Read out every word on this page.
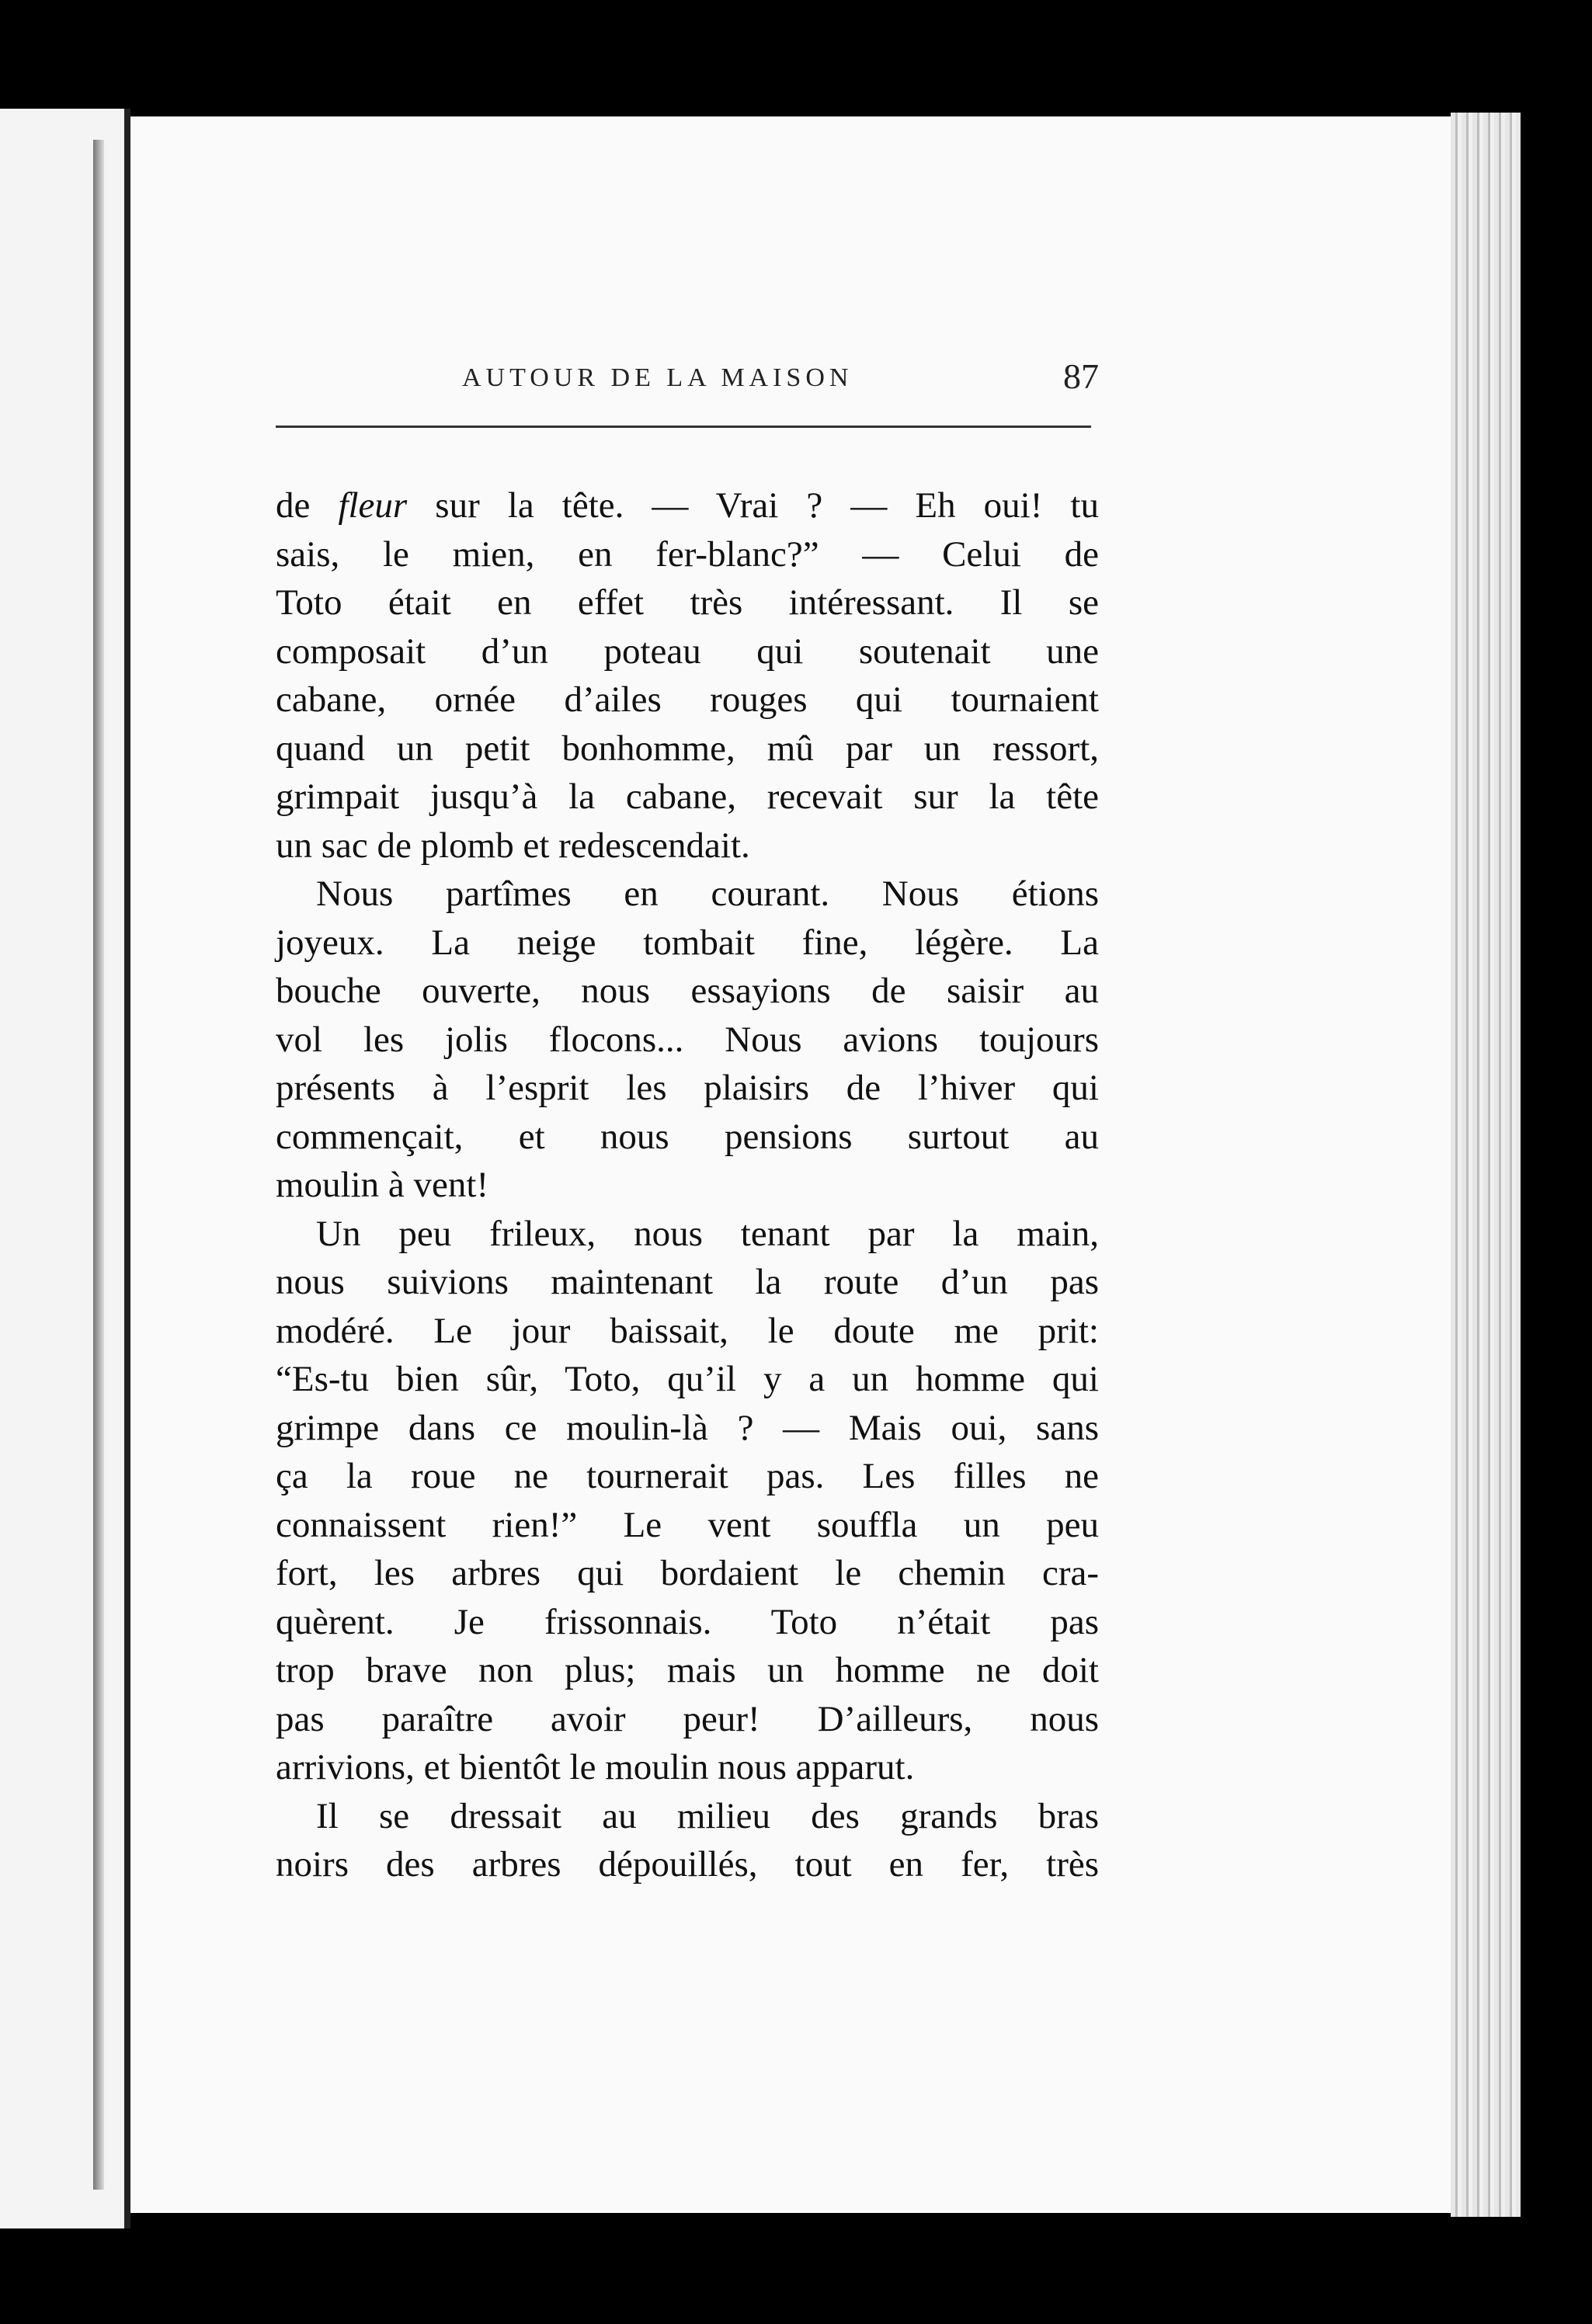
AUTOUR DE LA MAISON	87
de fleur sur la tête. — Vrai ? — Eh oui! tu
sais, le mien, en fer-blanc?” — Celui de
Toto était en effet très intéressant. Il se
composait d’un poteau qui soutenait une
cabane, ornée d’ailes rouges qui tournaient
quand un petit bonhomme, mû par un ressort,
grimpait jusqu’à la cabane, recevait sur la tête
un sac de plomb et redescendait.
Nous partîmes en courant. Nous étions
joyeux. La neige tombait fine, légère. La
bouche ouverte, nous essayions de saisir au
vol les jolis flocons... Nous avions toujours
présents à l’esprit les plaisirs de l’hiver qui
commençait, et nous pensions surtout au
moulin à vent!
Un peu frileux, nous tenant par la main,
nous suivions maintenant la route d’un pas
modéré. Le jour baissait, le doute me prit:
“Es-tu bien sûr, Toto, qu’il y a un homme qui
grimpe dans ce moulin-là ? — Mais oui, sans
ça la roue ne tournerait pas. Les filles ne
connaissent rien!” Le vent souffla un peu
fort, les arbres qui bordaient le chemin cra-
quèrent. Je frissonnais. Toto n’était pas
trop brave non plus; mais un homme ne doit
pas paraître avoir peur! D’ailleurs, nous
arrivions, et bientôt le moulin nous apparut.
Il se dressait au milieu des grands bras
noirs des arbres dépouillés, tout en fer, très
